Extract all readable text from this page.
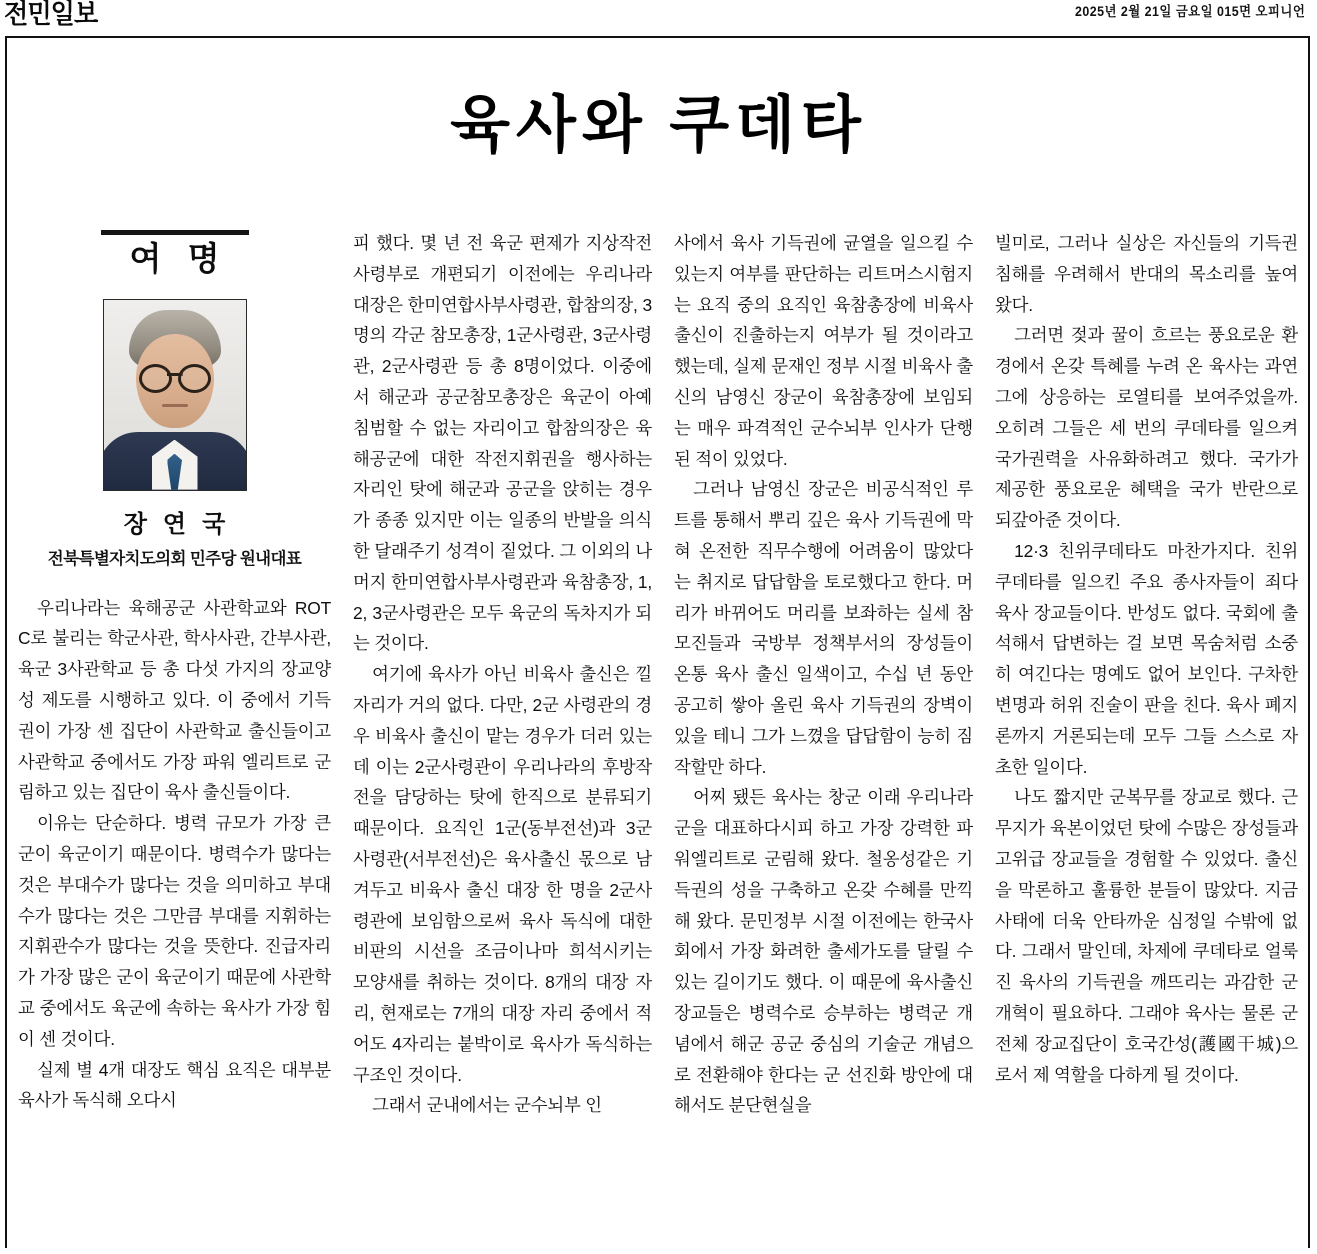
전민일보	2025년 2월 21일 금요일 015면 오피니언
육사와 쿠데타
여 명
장 연 국
전북특별자치도의회 민주당 원내대표

우리나라는 육해공군 사관학교와 ROTC로 불리는 학군사관, 학사사관, 간부사관, 육군 3사관학교 등 총 다섯 가지의 장교양성 제도를 시행하고 있다. 이 중에서 기득권이 가장 센 집단이 사관학교 출신들이고 사관학교 중에서도 가장 파워 엘리트로 군림하고 있는 집단이 육사 출신들이다.

이유는 단순하다. 병력 규모가 가장 큰 군이 육군이기 때문이다. 병력수가 많다는 것은 부대수가 많다는 것을 의미하고 부대수가 많다는 것은 그만큼 부대를 지휘하는 지휘관수가 많다는 것을 뜻한다. 진급자리가 가장 많은 군이 육군이기 때문에 사관학교 중에서도 육군에 속하는 육사가 가장 힘이 센 것이다.

실제 별 4개 대장도 핵심 요직은 대부분 육사가 독식해 오다시

피 했다. 몇 년 전 육군 편제가 지상작전사령부로 개편되기 이전에는 우리나라 대장은 한미연합사부사령관, 합참의장, 3명의 각군 참모총장, 1군사령관, 3군사령관, 2군사령관 등 총 8명이었다. 이중에서 해군과 공군참모총장은 육군이 아예 침범할 수 없는 자리이고 합참의장은 육해공군에 대한 작전지휘권을 행사하는 자리인 탓에 해군과 공군을 앉히는 경우가 종종 있지만 이는 일종의 반발을 의식한 달래주기 성격이 짙었다. 그 이외의 나머지 한미연합사부사령관과 육참총장, 1, 2, 3군사령관은 모두 육군의 독차지가 되는 것이다.

여기에 육사가 아닌 비육사 출신은 낄 자리가 거의 없다. 다만, 2군 사령관의 경우 비육사 출신이 맡는 경우가 더러 있는데 이는 2군사령관이 우리나라의 후방작전을 담당하는 탓에 한직으로 분류되기 때문이다. 요직인 1군(동부전선)과 3군 사령관(서부전선)은 육사출신 몫으로 남겨두고 비육사 출신 대장 한 명을 2군사령관에 보임함으로써 육사 독식에 대한 비판의 시선을 조금이나마 희석시키는 모양새를 취하는 것이다. 8개의 대장 자리, 현재로는 7개의 대장 자리 중에서 적어도 4자리는 붙박이로 육사가 독식하는 구조인 것이다.

그래서 군내에서는 군수뇌부 인

사에서 육사 기득권에 균열을 일으킬 수 있는지 여부를 판단하는 리트머스시험지는 요직 중의 요직인 육참총장에 비육사 출신이 진출하는지 여부가 될 것이라고 했는데, 실제 문재인 정부 시절 비육사 출신의 남영신 장군이 육참총장에 보임되는 매우 파격적인 군수뇌부 인사가 단행된 적이 있었다.

그러나 남영신 장군은 비공식적인 루트를 통해서 뿌리 깊은 육사 기득권에 막혀 온전한 직무수행에 어려움이 많았다는 취지로 답답함을 토로했다고 한다. 머리가 바뀌어도 머리를 보좌하는 실세 참모진들과 국방부 정책부서의 장성들이 온통 육사 출신 일색이고, 수십 년 동안 공고히 쌓아 올린 육사 기득권의 장벽이 있을 테니 그가 느꼈을 답답함이 능히 짐작할만 하다.

어찌 됐든 육사는 창군 이래 우리나라 군을 대표하다시피 하고 가장 강력한 파워엘리트로 군림해 왔다. 철옹성같은 기득권의 성을 구축하고 온갖 수혜를 만끽해 왔다. 문민정부 시절 이전에는 한국사회에서 가장 화려한 출세가도를 달릴 수 있는 길이기도 했다. 이 때문에 육사출신 장교들은 병력수로 승부하는 병력군 개념에서 해군 공군 중심의 기술군 개념으로 전환해야 한다는 군 선진화 방안에 대해서도 분단현실을

빌미로, 그러나 실상은 자신들의 기득권 침해를 우려해서 반대의 목소리를 높여 왔다.

그러면 젖과 꿀이 흐르는 풍요로운 환경에서 온갖 특혜를 누려 온 육사는 과연 그에 상응하는 로열티를 보여주었을까. 오히려 그들은 세 번의 쿠데타를 일으켜 국가권력을 사유화하려고 했다. 국가가 제공한 풍요로운 혜택을 국가 반란으로 되갚아준 것이다.

12·3 친위쿠데타도 마찬가지다. 친위쿠데타를 일으킨 주요 종사자들이 죄다 육사 장교들이다. 반성도 없다. 국회에 출석해서 답변하는 걸 보면 목숨처럼 소중히 여긴다는 명예도 없어 보인다. 구차한 변명과 허위 진술이 판을 친다. 육사 폐지론까지 거론되는데 모두 그들 스스로 자초한 일이다.

나도 짧지만 군복무를 장교로 했다. 근무지가 육본이었던 탓에 수많은 장성들과 고위급 장교들을 경험할 수 있었다. 출신을 막론하고 훌륭한 분들이 많았다. 지금 사태에 더욱 안타까운 심정일 수밖에 없다. 그래서 말인데, 차제에 쿠데타로 얼룩진 육사의 기득권을 깨뜨리는 과감한 군 개혁이 필요하다. 그래야 육사는 물론 군 전체 장교집단이 호국간성(護國干城)으로서 제 역할을 다하게 될 것이다.
